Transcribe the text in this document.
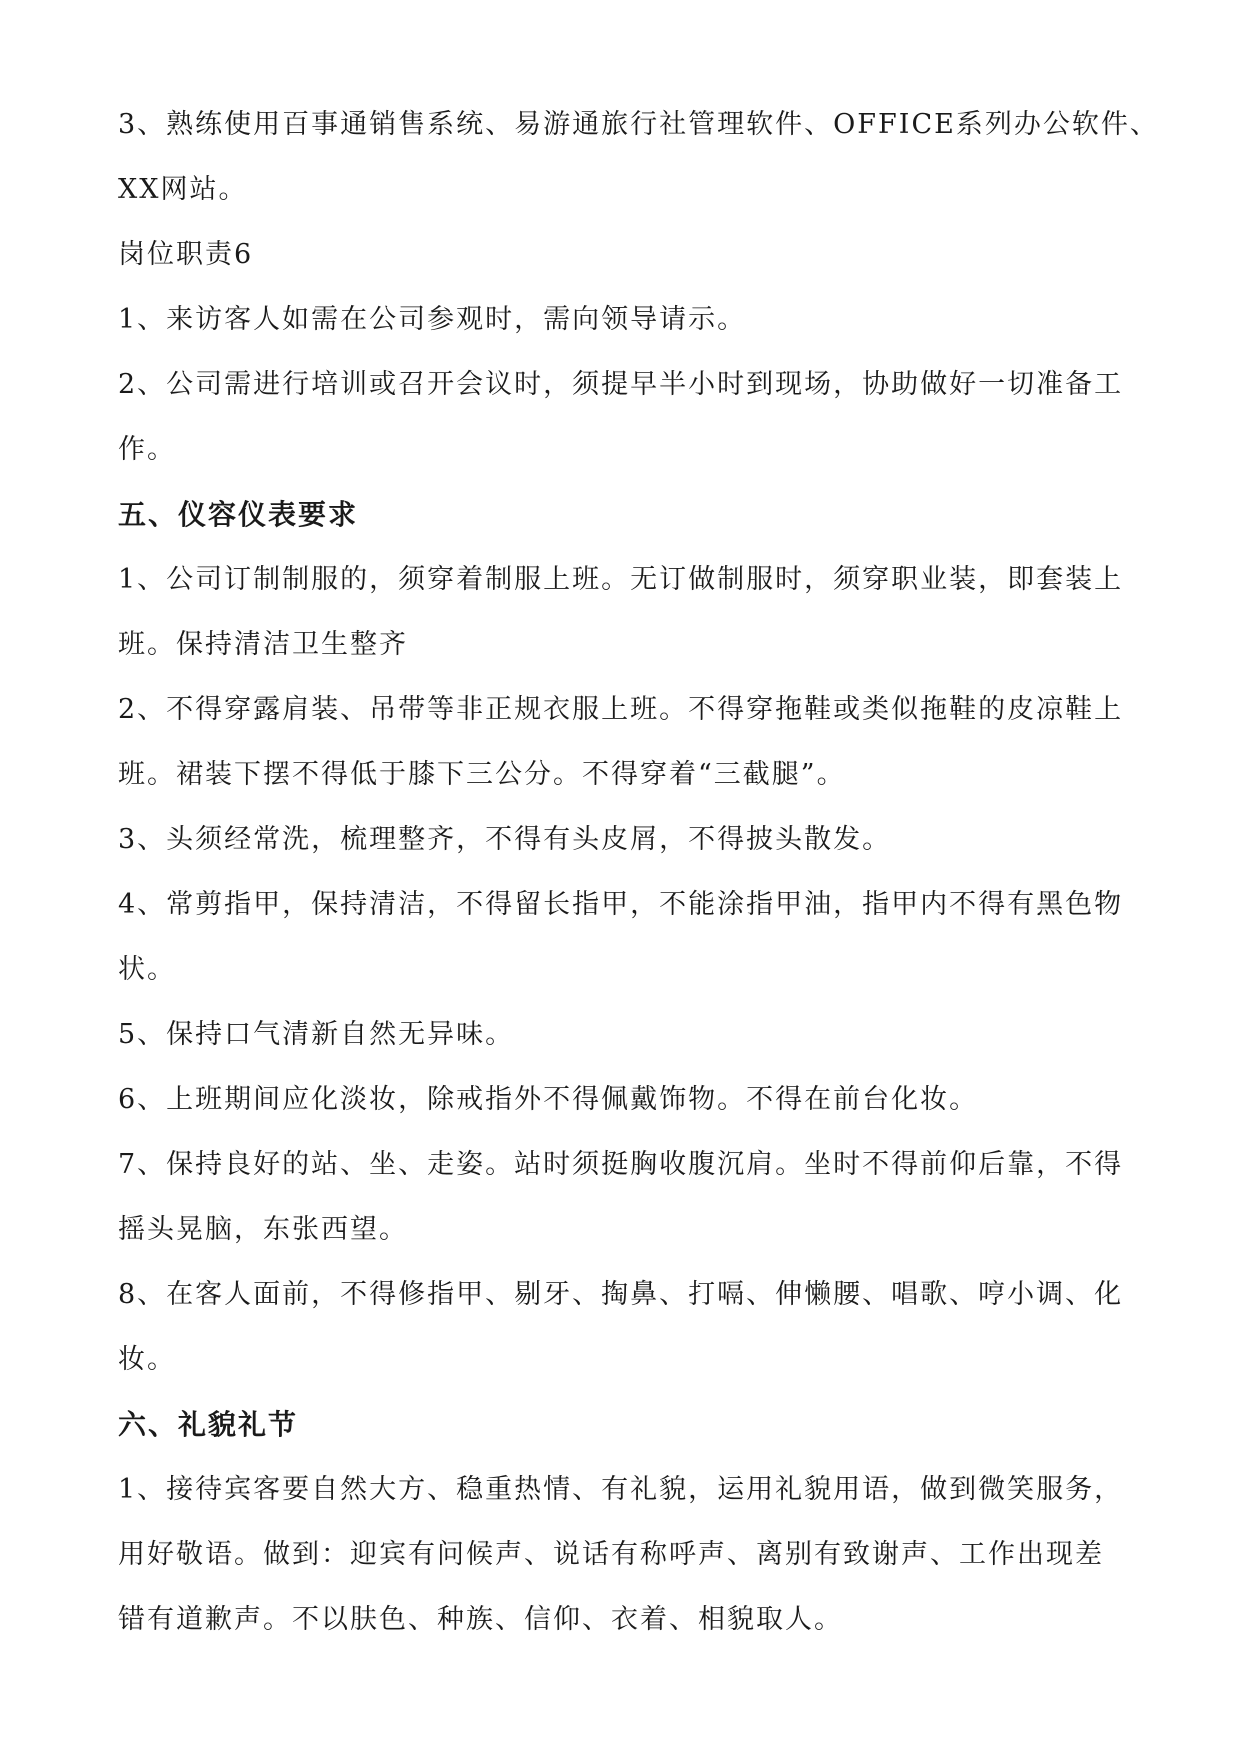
3、熟练使用百事通销售系统、易游通旅行社管理软件、OFFICE系列办公软件、
XX网站。
岗位职责6
1、来访客人如需在公司参观时，需向领导请示。
2、公司需进行培训或召开会议时，须提早半小时到现场，协助做好一切准备工
作。
五、仪容仪表要求
1、公司订制制服的，须穿着制服上班。无订做制服时，须穿职业装，即套装上
班。保持清洁卫生整齐
2、不得穿露肩装、吊带等非正规衣服上班。不得穿拖鞋或类似拖鞋的皮凉鞋上
班。裙装下摆不得低于膝下三公分。不得穿着“三截腿”。
3、头须经常洗，梳理整齐，不得有头皮屑，不得披头散发。
4、常剪指甲，保持清洁，不得留长指甲，不能涂指甲油，指甲内不得有黑色物
状。
5、保持口气清新自然无异味。
6、上班期间应化淡妆，除戒指外不得佩戴饰物。不得在前台化妆。
7、保持良好的站、坐、走姿。站时须挺胸收腹沉肩。坐时不得前仰后靠，不得
摇头晃脑，东张西望。
8、在客人面前，不得修指甲、剔牙、掏鼻、打嗝、伸懒腰、唱歌、哼小调、化
妆。
六、礼貌礼节
1、接待宾客要自然大方、稳重热情、有礼貌，运用礼貌用语，做到微笑服务，
用好敬语。做到：迎宾有问候声、说话有称呼声、离别有致谢声、工作出现差
错有道歉声。不以肤色、种族、信仰、衣着、相貌取人。
